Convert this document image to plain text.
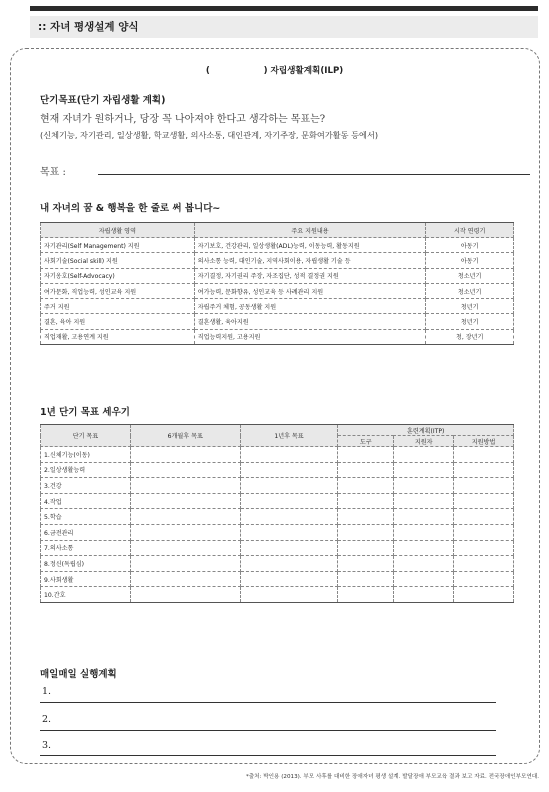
:: 자녀 평생설계 양식
(                  ) 자립생활계획(ILP)
단기목표(단기 자립생활 계획)
현재 자녀가 원하거나, 당장 꼭 나아져야 한다고 생각하는 목표는?
(신체기능, 자기관리, 일상생활, 학교생활, 의사소통, 대인관계, 자기주장, 문화여가활동 등에서)
목표 :
내 자녀의 꿈 & 행복을 한 줄로 써 봅니다~
자립생활 영역	주요 지원내용	시작 연령기
자기관리(Self Management) 지원	자기보호, 건강관리, 일상생활(ADL)능력, 이동능력, 활동지원	아동기
사회기술(Social skill) 지원	의사소통 능력, 대인기술, 지역사회이용, 자립생활 기술 등	아동기
자기옹호(Self-Advocacy)	자기결정, 자기권리 주장, 자조집단, 성적 결정권 지원	청소년기
여가문화, 직업능력, 성인교육 지원	여가능력, 문화향유, 성인교육 등 사례관리 지원	청소년기
주거 지원	자립주거 체험, 공동생활 지원	청년기
결혼, 육아 지원	결혼생활, 육아지원	청년기
직업재활, 고용연계 지원	직업능력지원, 고용지원	청, 장년기
1년 단기 목표 세우기
단기 목표	6개월후 목표	1년후 목표	훈련계획(ITP)		
			도구	지원자	지원방법
1.신체기능(이동)					
2.일상생활능력					
3.건강					
4.작업					
5.학습					
6.금전관리					
7.의사소통					
8.정신(독립심)					
9.사회생활					
10.간호					
매일매일 실행계획
1.
2.
3.
*출처: 박인용 (2013). 부모 사후를 대비한 장애자녀 평생 설계. 발달장애 부모교육 결과 보고 자료. 전국장애인부모연대.
